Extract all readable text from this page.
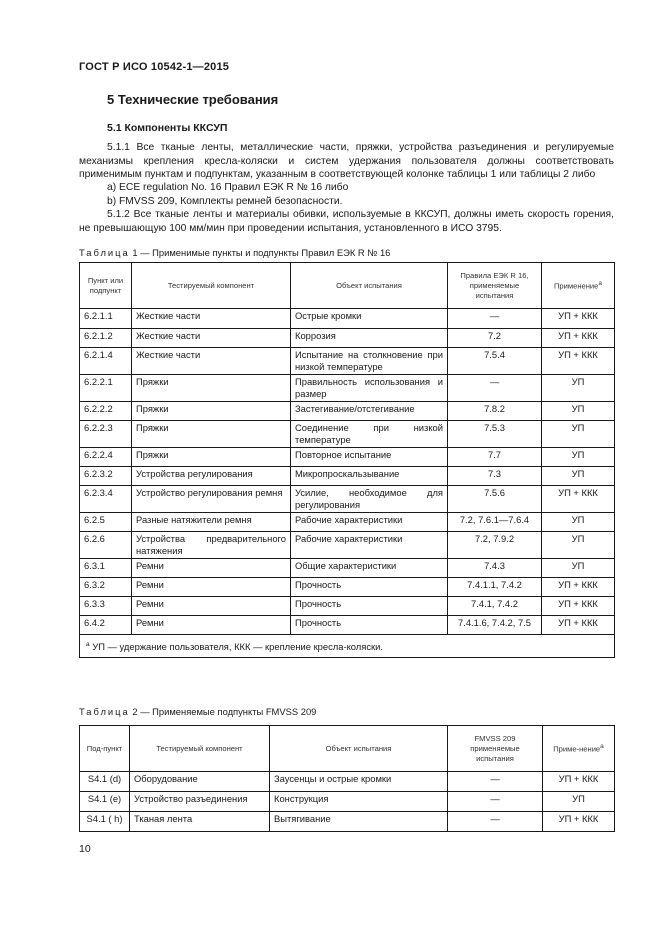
ГОСТ Р ИСО 10542-1—2015
5 Технические требования
5.1 Компоненты ККСУП
5.1.1 Все тканые ленты, металлические части, пряжки, устройства разъединения и регулируемые механизмы крепления кресла-коляски и систем удержания пользователя должны соответствовать применимым пунктам и подпунктам, указанным в соответствующей колонке таблицы 1 или таблицы 2 либо
a) ECE regulation No. 16 Правил ЕЭК R № 16 либо
b) FMVSS 209, Комплекты ремней безопасности.
5.1.2 Все тканые ленты и материалы обивки, используемые в ККСУП, должны иметь скорость горения, не превышающую 100 мм/мин при проведении испытания, установленного в ИСО 3795.
Таблица 1 — Применимые пункты и подпункты Правил ЕЭК R № 16
Пункт или подпункт	Тестируемый компонент	Объект испытания	Правила ЕЭК R 16, применяемые испытания	Применение$^a$
6.2.1.1	Жесткие части	Острые кромки	—	УП + ККК
6.2.1.2	Жесткие части	Коррозия	7.2	УП + ККК
6.2.1.4	Жесткие части	Испытание на столкновение при низкой температуре	7.5.4	УП + ККК
6.2.2.1	Пряжки	Правильность использования и размер	—	УП
6.2.2.2	Пряжки	Застегивание/отстегивание	7.8.2	УП
6.2.2.3	Пряжки	Соединение при низкой температуре	7.5.3	УП
6.2.2.4	Пряжки	Повторное испытание	7.7	УП
6.2.3.2	Устройства регулирования	Микропроскальзывание	7.3	УП
6.2.3.4	Устройство регулирования ремня	Усилие, необходимое для регулирования	7.5.6	УП + ККК
6.2.5	Разные натяжители ремня	Рабочие характеристики	7.2, 7.6.1—7.6.4	УП
6.2.6	Устройства предварительного натяжения	Рабочие характеристики	7.2, 7.9.2	УП
6.3.1	Ремни	Общие характеристики	7.4.3	УП
6.3.2	Ремни	Прочность	7.4.1.1, 7.4.2	УП + ККК
6.3.3	Ремни	Прочность	7.4.1, 7.4.2	УП + ККК
6.4.2	Ремни	Прочность	7.4.1.6, 7.4.2, 7.5	УП + ККК
$^a$ УП — удержание пользователя, ККК — крепление кресла-коляски.				
Таблица 2 — Применяемые подпункты FMVSS 209
Под-пункт	Тестируемый компонент	Объект испытания	FMVSS 209 применяемые испытания	Приме-нение$^a$
S4.1 (d)	Оборудование	Заусенцы и острые кромки	—	УП + ККК
S4.1 (e)	Устройство разъединения	Конструкция	—	УП
S4.1 ( h)	Тканая лента	Вытягивание	—	УП + ККК
10
